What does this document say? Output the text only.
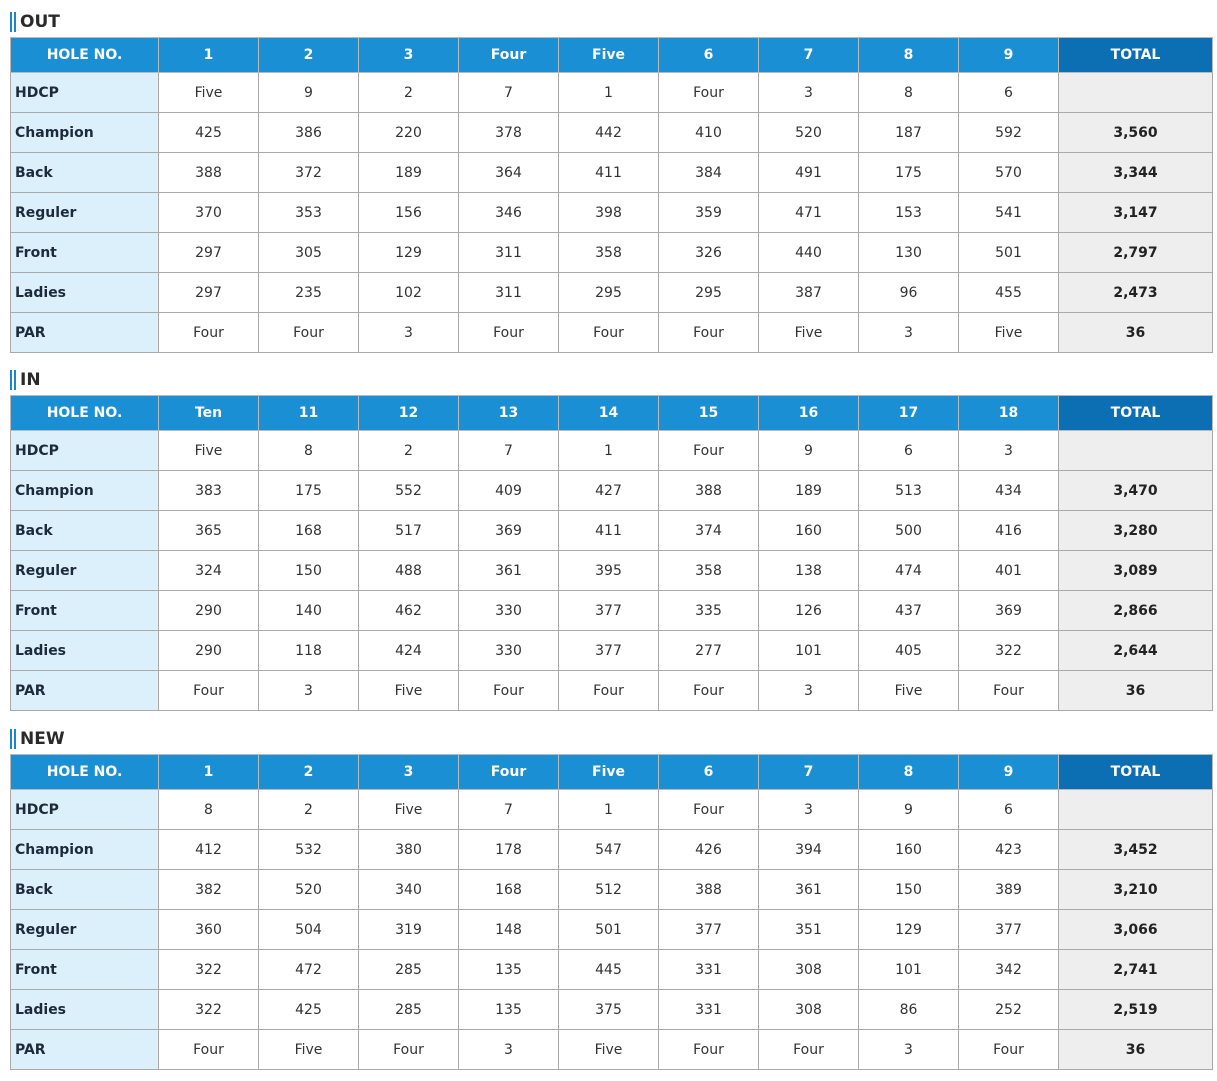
OUT
HOLE NO.	1	2	3	Four	Five	6	7	8	9	TOTAL
HDCP	Five	9	2	7	1	Four	3	8	6	
Champion	425	386	220	378	442	410	520	187	592	3,560
Back	388	372	189	364	411	384	491	175	570	3,344
Reguler	370	353	156	346	398	359	471	153	541	3,147
Front	297	305	129	311	358	326	440	130	501	2,797
Ladies	297	235	102	311	295	295	387	96	455	2,473
PAR	Four	Four	3	Four	Four	Four	Five	3	Five	36
IN
HOLE NO.	Ten	11	12	13	14	15	16	17	18	TOTAL
HDCP	Five	8	2	7	1	Four	9	6	3	
Champion	383	175	552	409	427	388	189	513	434	3,470
Back	365	168	517	369	411	374	160	500	416	3,280
Reguler	324	150	488	361	395	358	138	474	401	3,089
Front	290	140	462	330	377	335	126	437	369	2,866
Ladies	290	118	424	330	377	277	101	405	322	2,644
PAR	Four	3	Five	Four	Four	Four	3	Five	Four	36
NEW
HOLE NO.	1	2	3	Four	Five	6	7	8	9	TOTAL
HDCP	8	2	Five	7	1	Four	3	9	6	
Champion	412	532	380	178	547	426	394	160	423	3,452
Back	382	520	340	168	512	388	361	150	389	3,210
Reguler	360	504	319	148	501	377	351	129	377	3,066
Front	322	472	285	135	445	331	308	101	342	2,741
Ladies	322	425	285	135	375	331	308	86	252	2,519
PAR	Four	Five	Four	3	Five	Four	Four	3	Four	36
